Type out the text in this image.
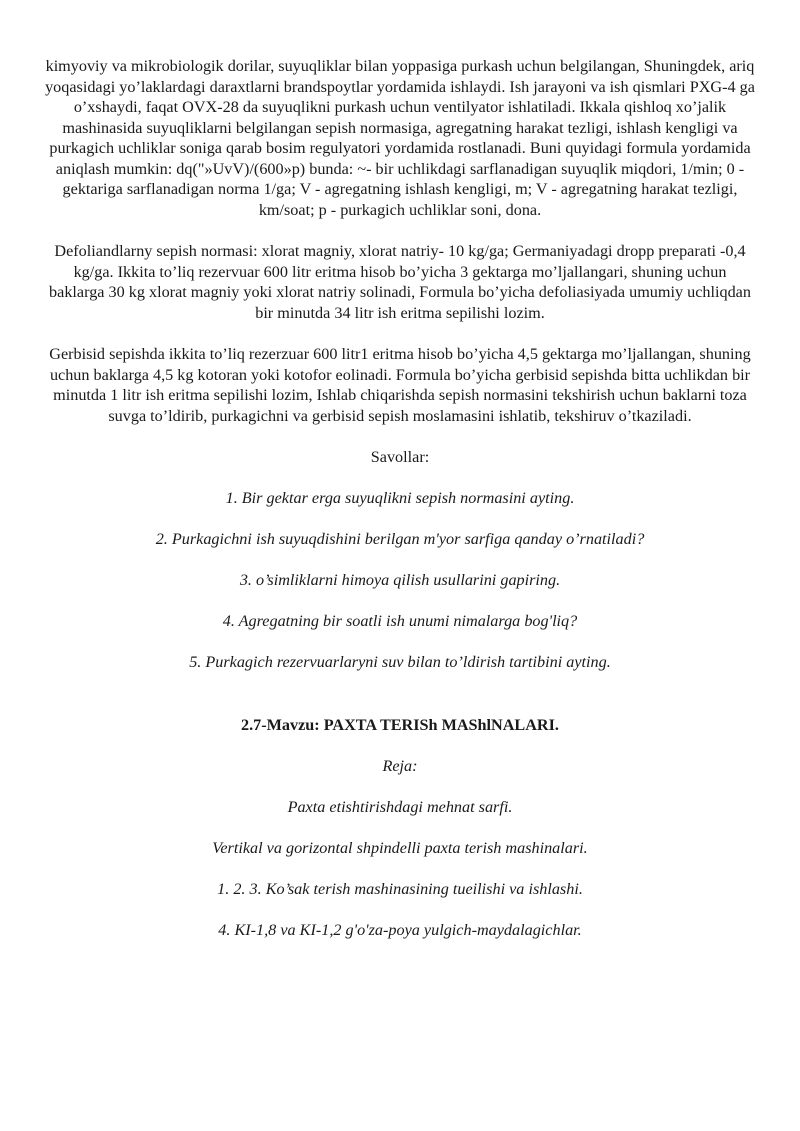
kimyoviy va mikrobiologik dorilar, suyuqliklar bilan yoppasiga purkash uchun belgilangan, Shuningdek, ariq yoqasidagi yo’laklardagi daraxtlarni brandspoytlar yordamida ishlaydi. Ish jarayoni va ish qismlari PXG-4 ga o’xshaydi, faqat OVX-28 da suyuqlikni purkash uchun ventilyator ishlatiladi. Ikkala qishloq xo’jalik mashinasida suyuqliklarni belgilangan sepish normasiga, agregatning harakat tezligi, ishlash kengligi va purkagich uchliklar soniga qarab bosim regulyatori yordamida rostlanadi. Buni quyidagi formula yordamida aniqlash mumkin: dq("»UvV)/(600»p) bunda: ~- bir uchlikdagi sarflanadigan suyuqlik miqdori, 1/min; 0 - gektariga sarflanadigan norma 1/ga; V - agregatning ishlash kengligi, m; V - agregatning harakat tezligi, km/soat; p - purkagich uchliklar soni, dona.

Defoliandlarny sepish normasi: xlorat magniy, xlorat natriy- 10 kg/ga; Germaniyadagi dropp preparati -0,4 kg/ga. Ikkita to’liq rezervuar 600 litr eritma hisob bo’yicha 3 gektarga mo’ljallangari, shuning uchun baklarga 30 kg xlorat magniy yoki xlorat natriy solinadi, Formula bo’yicha defoliasiyada umumiy uchliqdan bir minutda 34 litr ish eritma sepilishi lozim.

Gerbisid sepishda ikkita to’liq rezerzuar 600 litr1 eritma hisob bo’yicha 4,5 gektarga mo’ljallangan, shuning uchun baklarga 4,5 kg kotoran yoki kotofor eolinadi. Formula bo’yicha gerbisid sepishda bitta uchlikdan bir minutda 1 litr ish eritma sepilishi lozim, Ishlab chiqarishda sepish normasini tekshirish uchun baklarni toza suvga to’ldirib, purkagichni va gerbisid sepish moslamasini ishlatib, tekshiruv o’tkaziladi.

Savollar:

1. Bir gektar erga suyuqlikni sepish normasini ayting.

2. Purkagichni ish suyuqdishini berilgan m'yor sarfiga qanday o’rnatiladi?

3. o’simliklarni himoya qilish usullarini gapiring.

4. Agregatning bir soatli ish unumi nimalarga bog'liq?

5. Purkagich rezervuarlaryni suv bilan to’ldirish tartibini ayting.

2.7-Mavzu: PAXTA TERISh MAShlNALARI.

Reja:

Paxta etishtirishdagi mehnat sarfi.

Vertikal va gorizontal shpindelli paxta terish mashinalari.

1. 2. 3. Ko’sak terish mashinasining tueilishi va ishlashi.

4. KI-1,8 va KI-1,2 g'o'za-poya yulgich-maydalagichlar.
